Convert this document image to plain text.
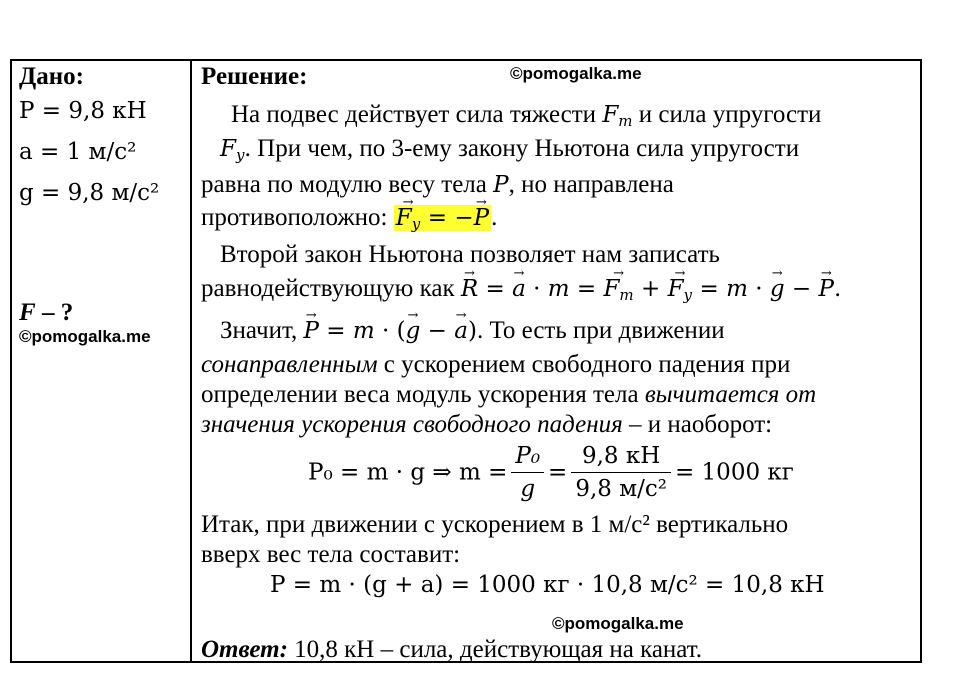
Дано:
P = 9,8 кН
a = 1 м/с²
g = 9,8 м/с²
F – ?
©pomogalka.me
Решение:	©pomogalka.me
На подвес действует сила тяжести $F_т$ и сила упругости
$F_у$. При чем, по 3-ему закону Ньютона сила упругости
равна по модулю весу тела P, но направлена
противоположно: → $F_у$ = −→ P.
Второй закон Ньютона позволяет нам записать
равнодействующую как → R = → a · m = → $F_т$ + → $F_у = m$ · → g − → P.
Значит, → P = m · (→ g − → a). То есть при движении
сонаправленным с ускорением свободного падения при
определении веса модуль ускорения тела вычитается от
значения ускорения свободного падения – и наоборот:
P₀ = m · g ⇒ $m = \frac{\text{P₀}}{g} = \frac{9,8 кН}{\text{9,8 м/с²}} = 1000$ кг
Итак, при движении с ускорением в 1 м/с² вертикально
вверх вес тела составит:
P = m · (g + a) = 1000 кг · 10,8 м/с² = 10,8 кН
©pomogalka.me
Ответ: 10,8 кН – сила, действующая на канат.
